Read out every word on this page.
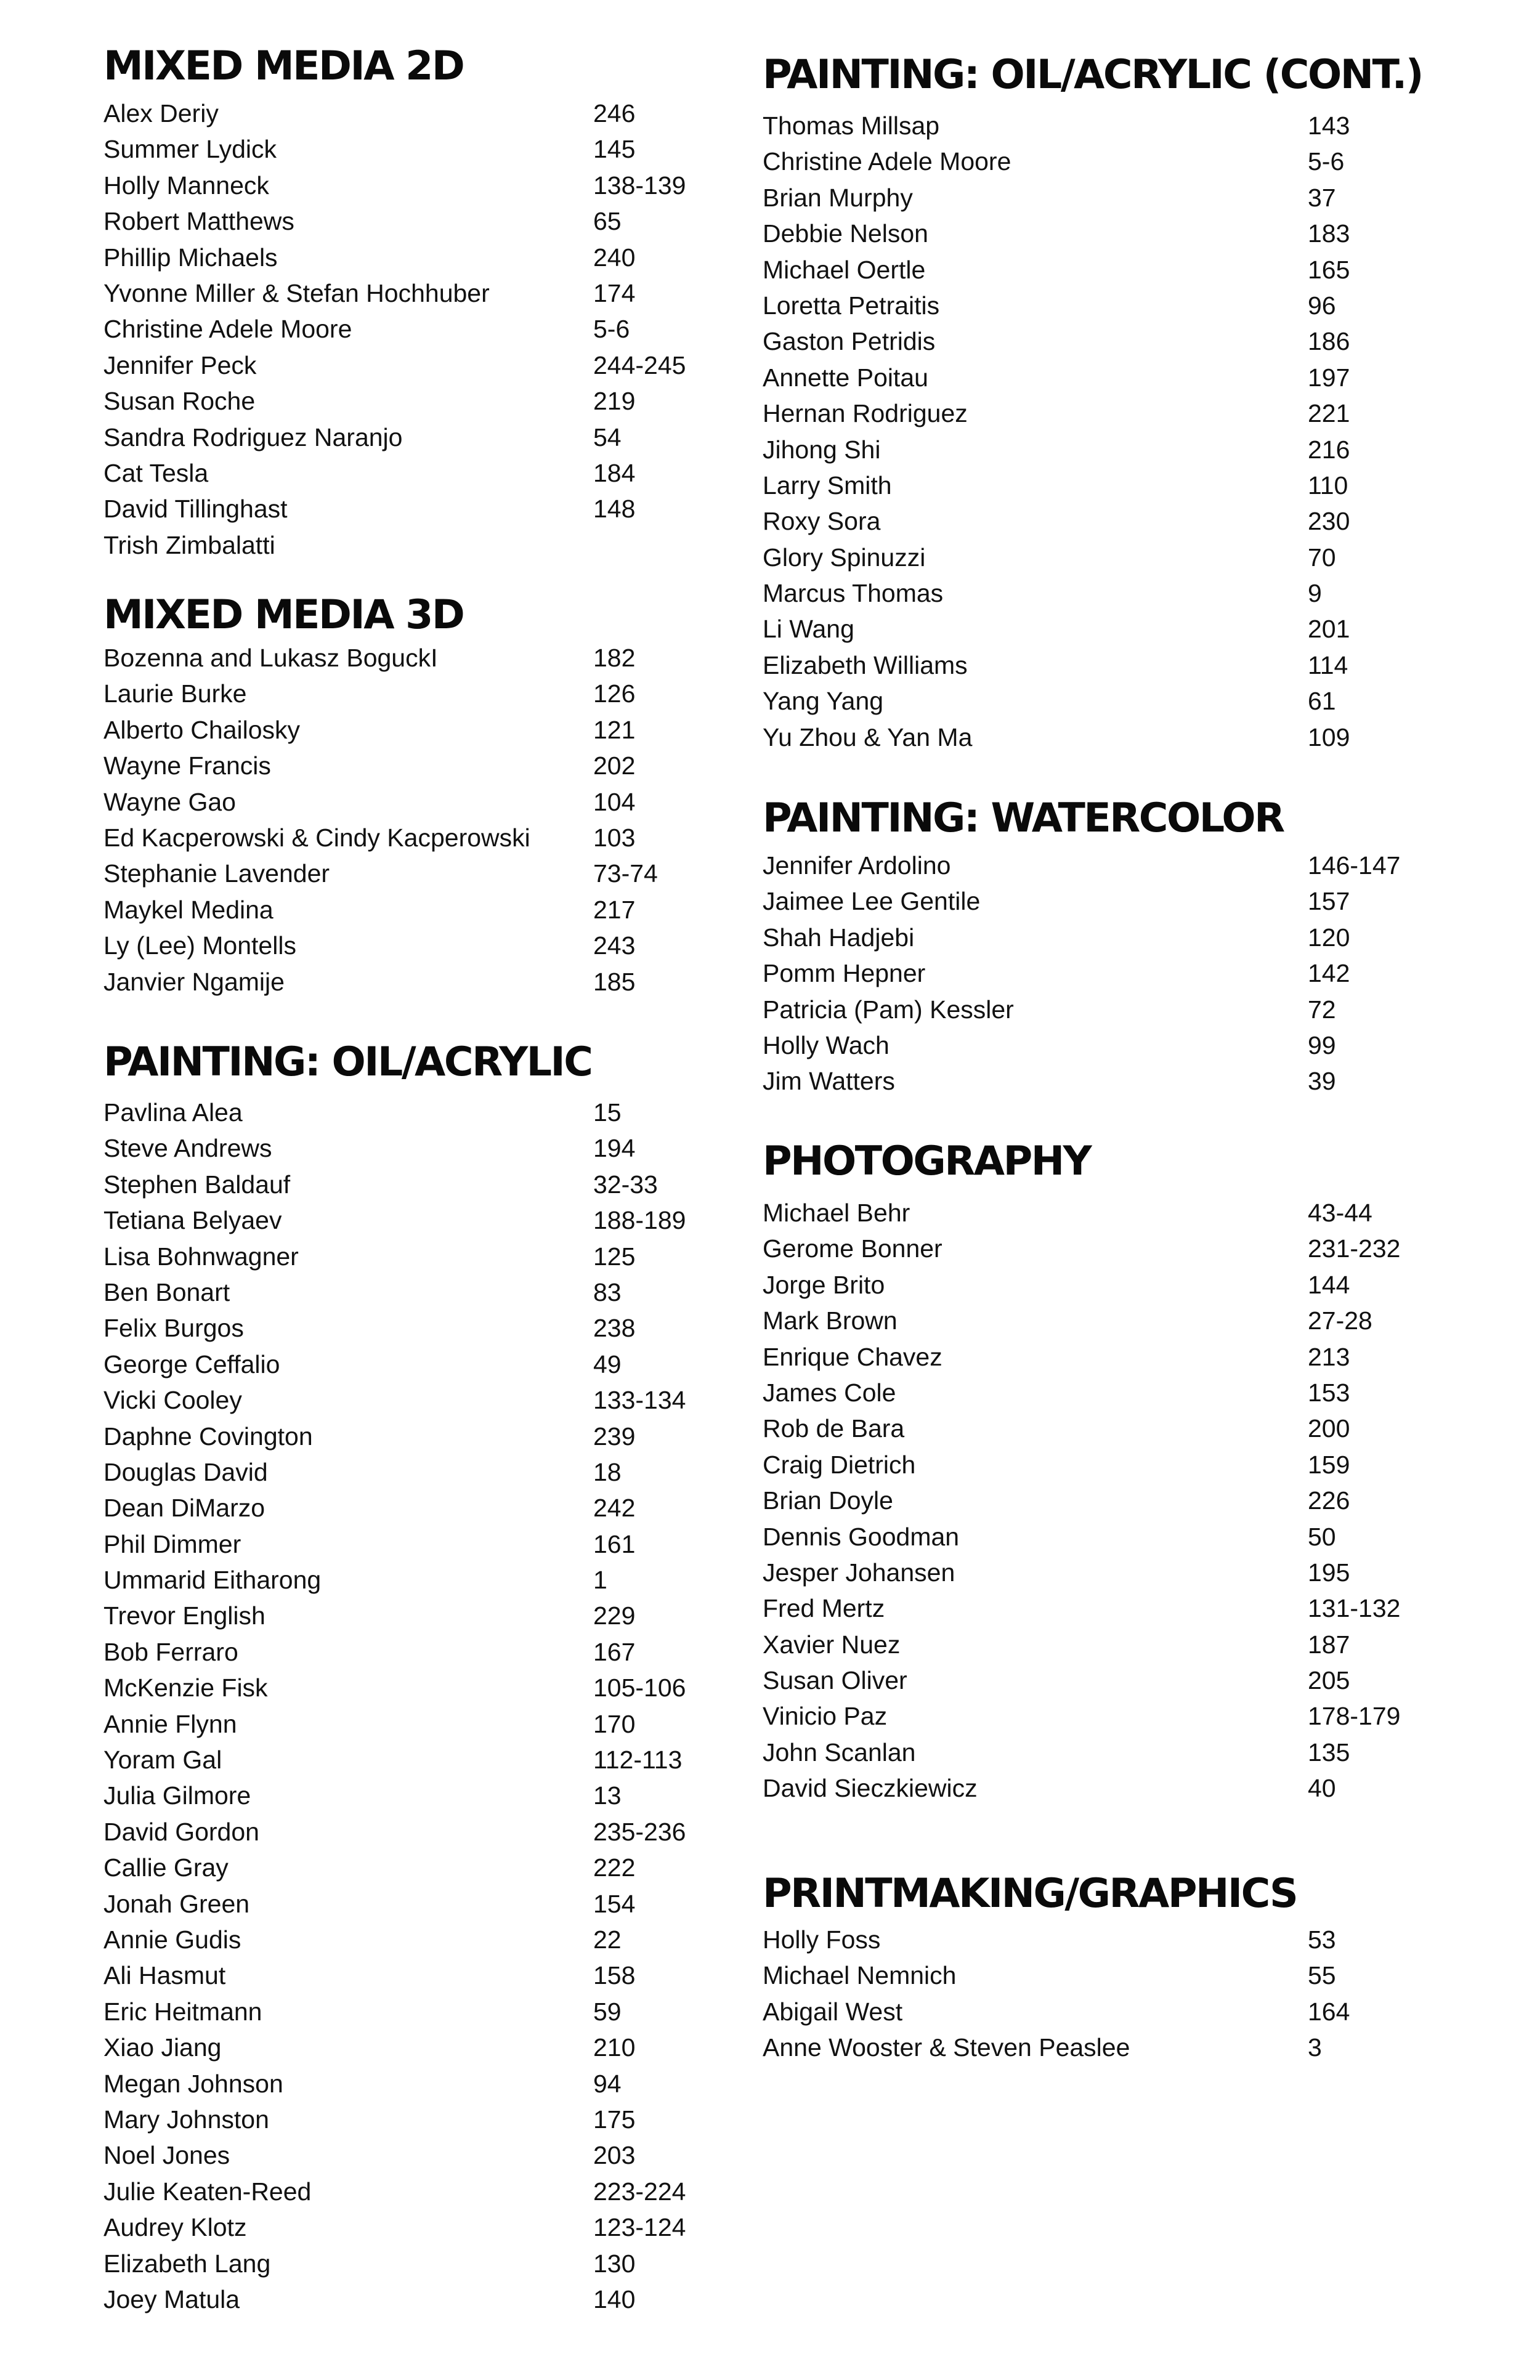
MIXED MEDIA 2D
Alex Deriy	246
Summer Lydick	145
Holly Manneck	138-139
Robert Matthews	65
Phillip Michaels	240
Yvonne Miller & Stefan Hochhuber	174
Christine Adele Moore	5-6
Jennifer Peck	244-245
Susan Roche	219
Sandra Rodriguez Naranjo	54
Cat Tesla	184
David Tillinghast	148
Trish Zimbalatti
MIXED MEDIA 3D
Bozenna and Lukasz BoguckI	182
Laurie Burke	126
Alberto Chailosky	121
Wayne Francis	202
Wayne Gao	104
Ed Kacperowski & Cindy Kacperowski 103
Stephanie Lavender	73-74
Maykel Medina	217
Ly (Lee) Montells	243
Janvier Ngamije	185
PAINTING: OIL/ACRYLIC
Pavlina Alea	15
Steve Andrews	194
Stephen Baldauf	32-33
Tetiana Belyaev	188-189
Lisa Bohnwagner	125
Ben Bonart	83
Felix Burgos	238
George Ceffalio	49
Vicki Cooley	133-134
Daphne Covington	239
Douglas David	18
Dean DiMarzo	242
Phil Dimmer	161
Ummarid Eitharong	1
Trevor English	229
Bob Ferraro	167
McKenzie Fisk	105-106
Annie Flynn	170
Yoram Gal	112-113
Julia Gilmore	13
David Gordon	235-236
Callie Gray	222
Jonah Green	154
Annie Gudis	22
Ali Hasmut	158
Eric Heitmann	59
Xiao Jiang	210
Megan Johnson	94
Mary Johnston	175
Noel Jones	203
Julie Keaten-Reed	223-224
Audrey Klotz	123-124
Elizabeth Lang	130
Joey Matula	140
PAINTING: OIL/ACRYLIC (CONT.)
Thomas Millsap	143
Christine Adele Moore	5-6
Brian Murphy	37
Debbie Nelson	183
Michael Oertle	165
Loretta Petraitis	96
Gaston Petridis	186
Annette Poitau	197
Hernan Rodriguez	221
Jihong Shi	216
Larry Smith	110
Roxy Sora	230
Glory Spinuzzi	70
Marcus Thomas	9
Li Wang	201
Elizabeth Williams	114
Yang Yang	61
Yu Zhou & Yan Ma	109
PAINTING: WATERCOLOR
Jennifer Ardolino	146-147
Jaimee Lee Gentile	157
Shah Hadjebi	120
Pomm Hepner	142
Patricia (Pam) Kessler	72
Holly Wach	99
Jim Watters	39
PHOTOGRAPHY
Michael Behr	43-44
Gerome Bonner	231-232
Jorge Brito	144
Mark Brown	27-28
Enrique Chavez	213
James Cole	153
Rob de Bara	200
Craig Dietrich	159
Brian Doyle	226
Dennis Goodman	50
Jesper Johansen	195
Fred Mertz	131-132
Xavier Nuez	187
Susan Oliver	205
Vinicio Paz	178-179
John Scanlan	135
David Sieczkiewicz	40
PRINTMAKING/GRAPHICS
Holly Foss	53
Michael Nemnich	55
Abigail West	164
Anne Wooster & Steven Peaslee	3
